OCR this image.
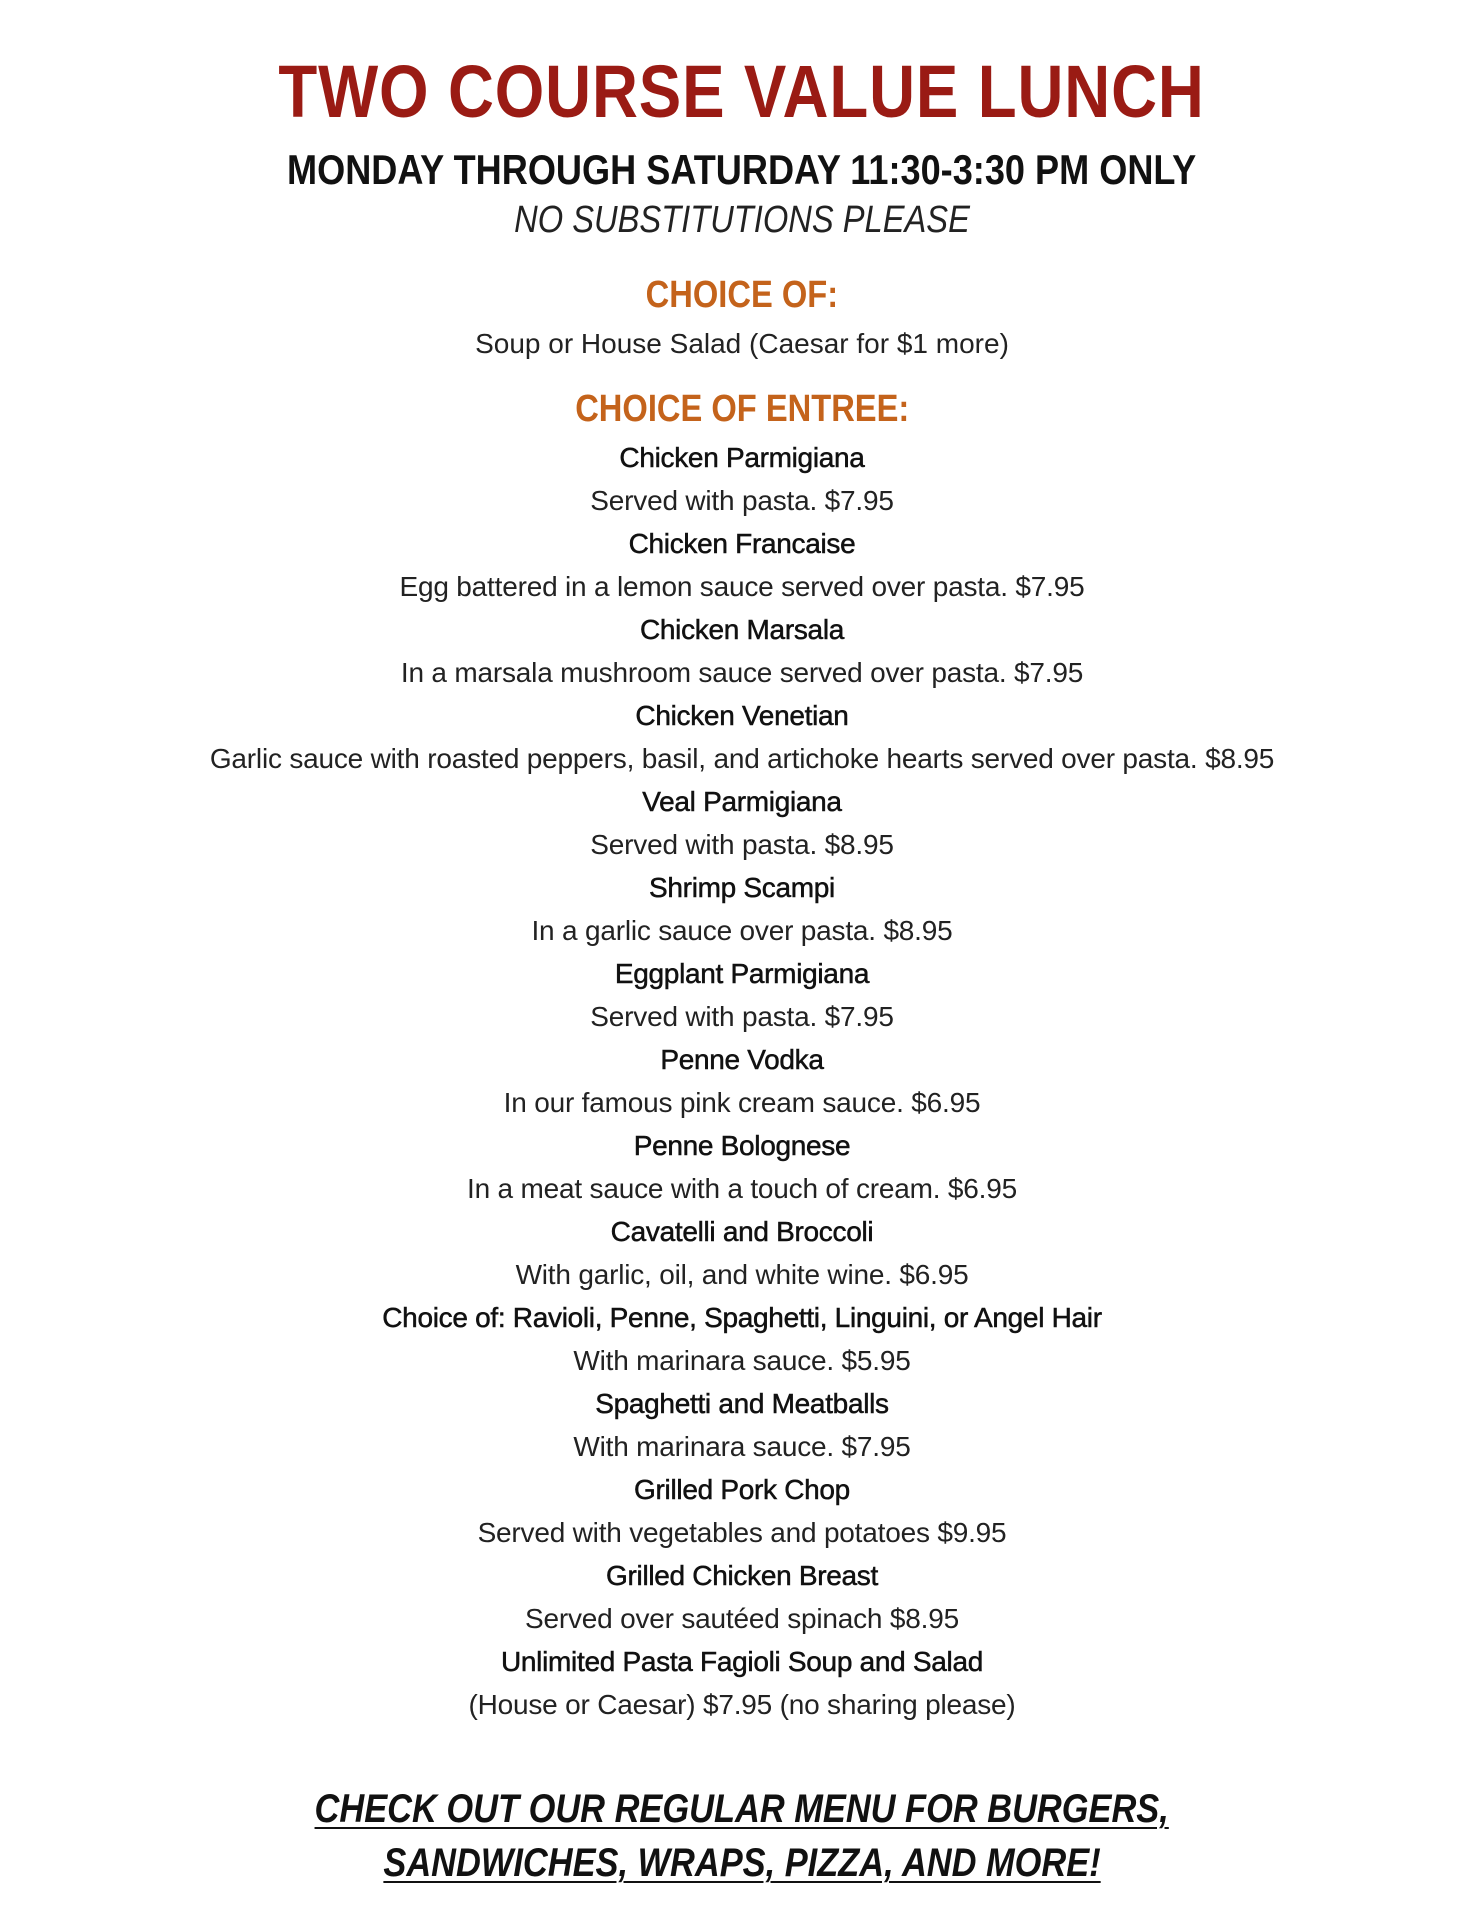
TWO COURSE VALUE LUNCH
MONDAY THROUGH SATURDAY 11:30-3:30 PM ONLY
NO SUBSTITUTIONS PLEASE
CHOICE OF:
Soup or House Salad (Caesar for $1 more)
CHOICE OF ENTREE:
Chicken Parmigiana
Served with pasta. $7.95
Chicken Francaise
Egg battered in a lemon sauce served over pasta. $7.95
Chicken Marsala
In a marsala mushroom sauce served over pasta. $7.95
Chicken Venetian
Garlic sauce with roasted peppers, basil, and artichoke hearts served over pasta. $8.95
Veal Parmigiana
Served with pasta. $8.95
Shrimp Scampi
In a garlic sauce over pasta. $8.95
Eggplant Parmigiana
Served with pasta. $7.95
Penne Vodka
In our famous pink cream sauce. $6.95
Penne Bolognese
In a meat sauce with a touch of cream. $6.95
Cavatelli and Broccoli
With garlic, oil, and white wine. $6.95
Choice of: Ravioli, Penne, Spaghetti, Linguini, or Angel Hair
With marinara sauce. $5.95
Spaghetti and Meatballs
With marinara sauce. $7.95
Grilled Pork Chop
Served with vegetables and potatoes $9.95
Grilled Chicken Breast
Served over sautéed spinach $8.95
Unlimited Pasta Fagioli Soup and Salad
(House or Caesar) $7.95 (no sharing please)
CHECK OUT OUR REGULAR MENU FOR BURGERS,
SANDWICHES, WRAPS, PIZZA, AND MORE!
